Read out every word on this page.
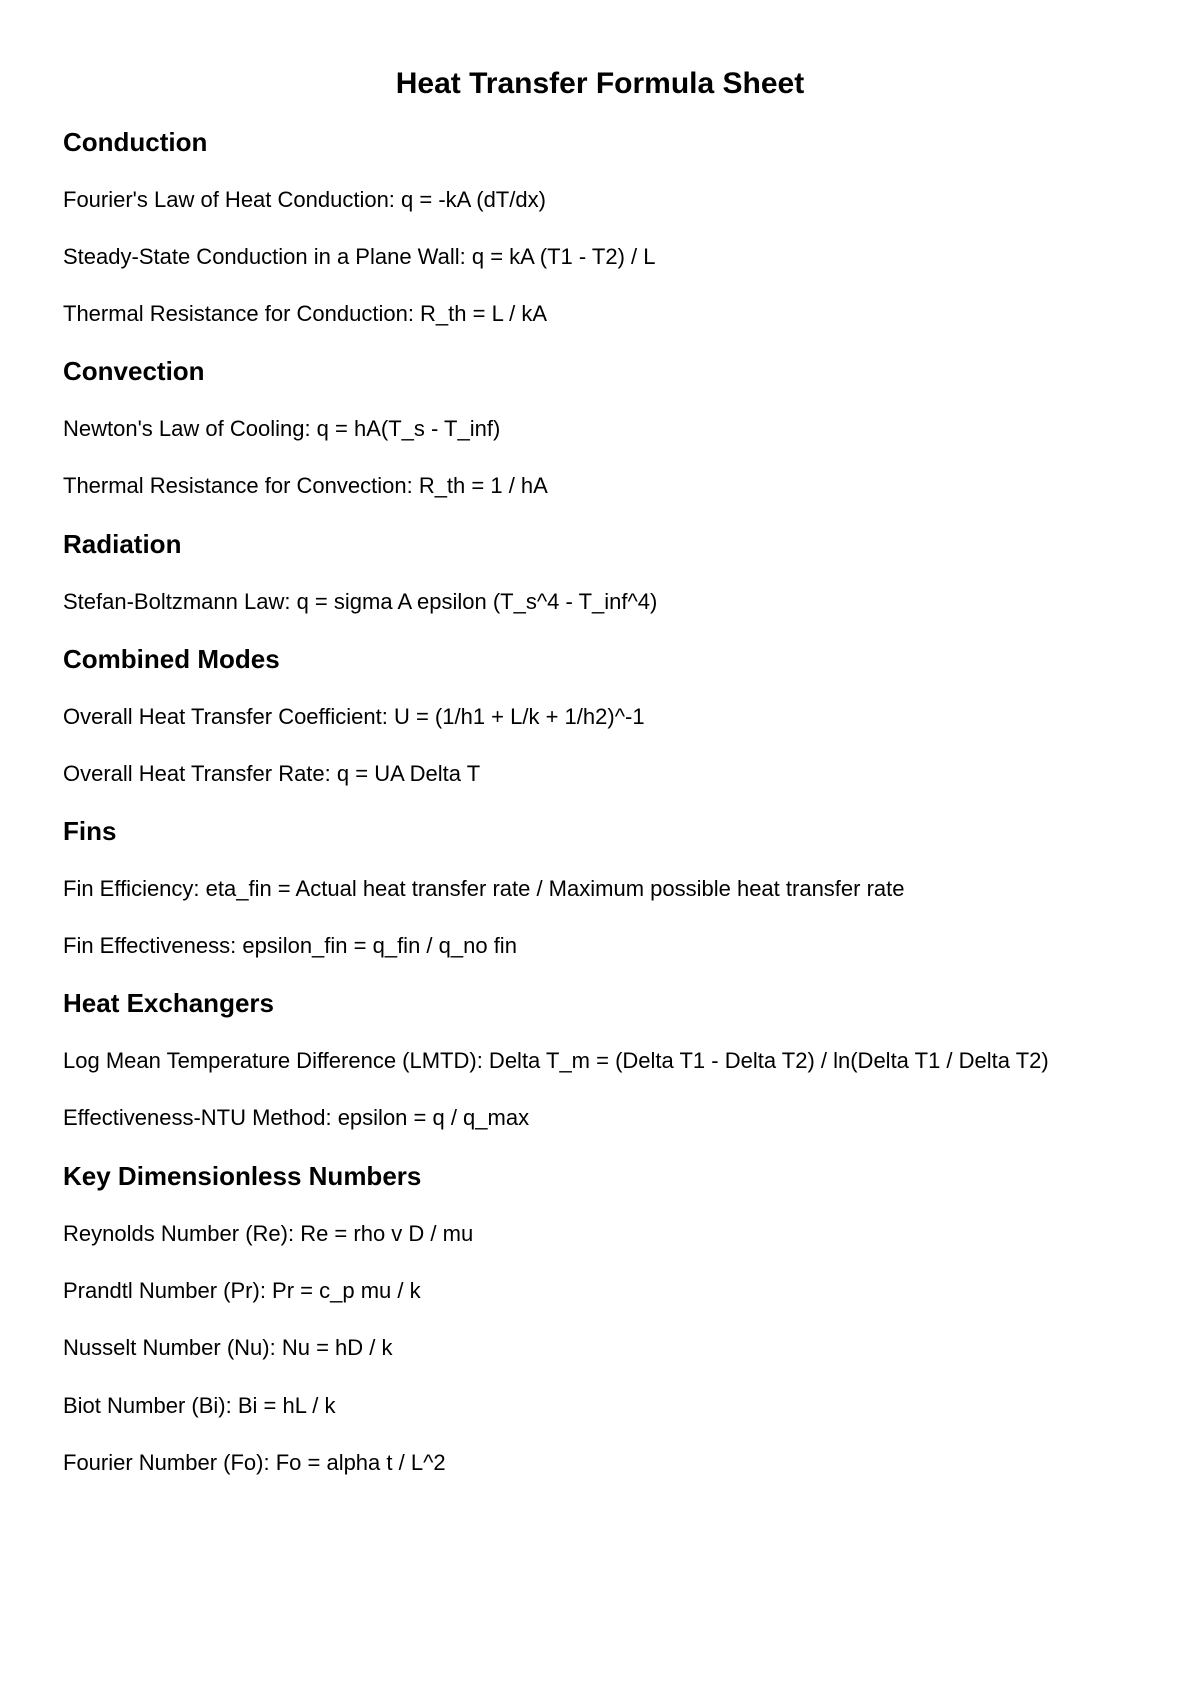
Heat Transfer Formula Sheet
Conduction

Fourier's Law of Heat Conduction: q = -kA (dT/dx)

Steady-State Conduction in a Plane Wall: q = kA (T1 - T2) / L

Thermal Resistance for Conduction: R_th = L / kA

Convection

Newton's Law of Cooling: q = hA(T_s - T_inf)

Thermal Resistance for Convection: R_th = 1 / hA

Radiation

Stefan-Boltzmann Law: q = sigma A epsilon (T_s^4 - T_inf^4)

Combined Modes

Overall Heat Transfer Coefficient: U = (1/h1 + L/k + 1/h2)^-1

Overall Heat Transfer Rate: q = UA Delta T

Fins

Fin Efficiency: eta_fin = Actual heat transfer rate / Maximum possible heat transfer rate

Fin Effectiveness: epsilon_fin = q_fin / q_no fin

Heat Exchangers

Log Mean Temperature Difference (LMTD): Delta T_m = (Delta T1 - Delta T2) / ln(Delta T1 / Delta T2)

Effectiveness-NTU Method: epsilon = q / q_max

Key Dimensionless Numbers

Reynolds Number (Re): Re = rho v D / mu

Prandtl Number (Pr): Pr = c_p mu / k

Nusselt Number (Nu): Nu = hD / k

Biot Number (Bi): Bi = hL / k

Fourier Number (Fo): Fo = alpha t / L^2
